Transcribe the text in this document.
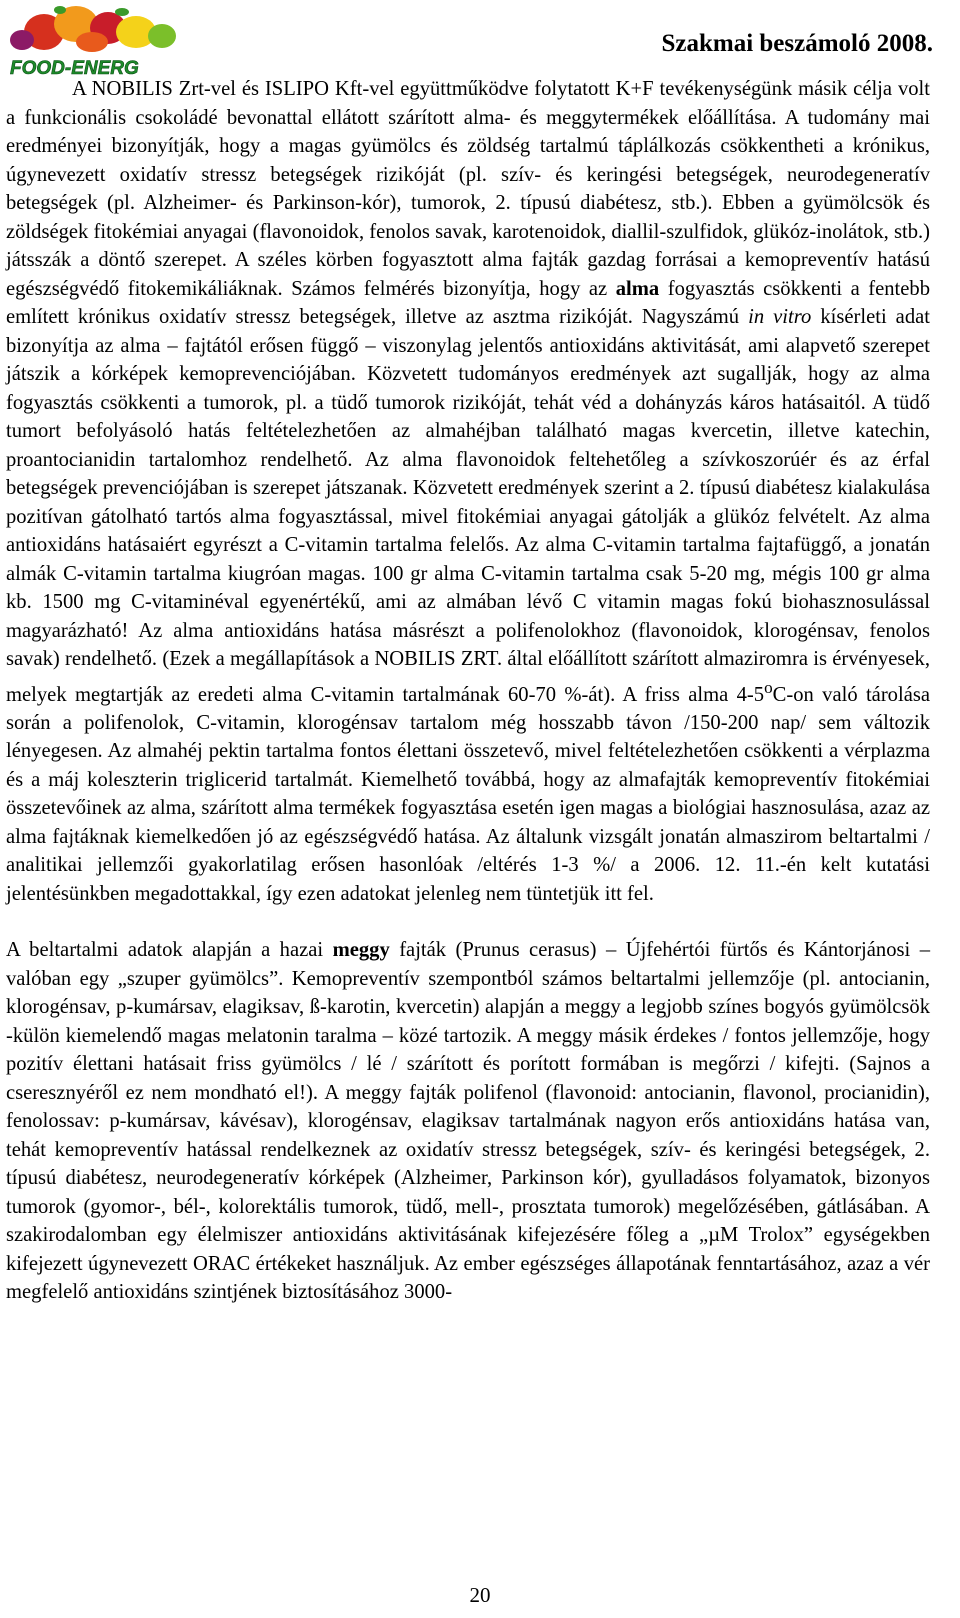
FOOD-ENERG
Szakmai beszámoló 2008.

A NOBILIS Zrt-vel és ISLIPO Kft-vel együttműködve folytatott K+F tevékenységünk másik célja volt a funkcionális csokoládé bevonattal ellátott szárított alma- és meggytermékek előállítása. A tudomány mai eredményei bizonyítják, hogy a magas gyümölcs és zöldség tartalmú táplálkozás csökkentheti a krónikus, úgynevezett oxidatív stressz betegségek rizikóját (pl. szív- és keringési betegségek, neurodegeneratív betegségek (pl. Alzheimer- és Parkinson-kór), tumorok, 2. típusú diabétesz, stb.). Ebben a gyümölcsök és zöldségek fitokémiai anyagai (flavonoidok, fenolos savak, karotenoidok, diallil-szulfidok, glükóz-inolátok, stb.) játsszák a döntő szerepet. A széles körben fogyasztott alma fajták gazdag forrásai a kemopreventív hatású egészségvédő fitokemikáliáknak. Számos felmérés bizonyítja, hogy az alma fogyasztás csökkenti a fentebb említett krónikus oxidatív stressz betegségek, illetve az asztma rizikóját. Nagyszámú in vitro kísérleti adat bizonyítja az alma – fajtától erősen függő – viszonylag jelentős antioxidáns aktivitását, ami alapvető szerepet játszik a kórképek kemoprevenciójában. Közvetett tudományos eredmények azt sugallják, hogy az alma fogyasztás csökkenti a tumorok, pl. a tüdő tumorok rizikóját, tehát véd a dohányzás káros hatásaitól. A tüdő tumort befolyásoló hatás feltételezhetően az almahéjban található magas kvercetin, illetve katechin, proantocianidin tartalomhoz rendelhető. Az alma flavonoidok feltehetőleg a szívkoszorúér és az érfal betegségek prevenciójában is szerepet játszanak. Közvetett eredmények szerint a 2. típusú diabétesz kialakulása pozitívan gátolható tartós alma fogyasztással, mivel fitokémiai anyagai gátolják a glükóz felvételt. Az alma antioxidáns hatásaiért egyrészt a C-vitamin tartalma felelős. Az alma C-vitamin tartalma fajtafüggő, a jonatán almák C-vitamin tartalma kiugróan magas. 100 gr alma C-vitamin tartalma csak 5-20 mg, mégis 100 gr alma kb. 1500 mg C-vitaminéval egyenértékű, ami az almában lévő C vitamin magas fokú biohasznosulással magyarázható! Az alma antioxidáns hatása másrészt a polifenolokhoz (flavonoidok, klorogénsav, fenolos savak) rendelhető. (Ezek a megállapítások a NOBILIS ZRT. által előállított szárított almaziromra is érvényesek, melyek megtartják az eredeti alma C-vitamin tartalmának 60-70 %-át). A friss alma 4-5$^o$C-on való tárolása során a polifenolok, C-vitamin, klorogénsav tartalom még hosszabb távon /150-200 nap/ sem változik lényegesen. Az almahéj pektin tartalma fontos élettani összetevő, mivel feltételezhetően csökkenti a vérplazma és a máj koleszterin triglicerid tartalmát. Kiemelhető továbbá, hogy az almafajták kemopreventív fitokémiai összetevőinek az alma, szárított alma termékek fogyasztása esetén igen magas a biológiai hasznosulása, azaz az alma fajtáknak kiemelkedően jó az egészségvédő hatása. Az általunk vizsgált jonatán almaszirom beltartalmi / analitikai jellemzői gyakorlatilag erősen hasonlóak /eltérés 1-3 %/ a 2006. 12. 11.-én kelt kutatási jelentésünkben megadottakkal, így ezen adatokat jelenleg nem tüntetjük itt fel.

A beltartalmi adatok alapján a hazai meggy fajták (Prunus cerasus) – Újfehértói fürtős és Kántorjánosi – valóban egy „szuper gyümölcs”. Kemopreventív szempontból számos beltartalmi jellemzője (pl. antocianin, klorogénsav, p-kumársav, elagiksav, ß-karotin, kvercetin) alapján a meggy a legjobb színes bogyós gyümölcsök -külön kiemelendő magas melatonin taralma – közé tartozik. A meggy másik érdekes / fontos jellemzője, hogy pozitív élettani hatásait friss gyümölcs / lé / szárított és porított formában is megőrzi / kifejti. (Sajnos a cseresznyéről ez nem mondható el!). A meggy fajták polifenol (flavonoid: antocianin, flavonol, procianidin), fenolossav: p-kumársav, kávésav), klorogénsav, elagiksav tartalmának nagyon erős antioxidáns hatása van, tehát kemopreventív hatással rendelkeznek az oxidatív stressz betegségek, szív- és keringési betegségek, 2. típusú diabétesz, neurodegeneratív kórképek (Alzheimer, Parkinson kór), gyulladásos folyamatok, bizonyos tumorok (gyomor-, bél-, kolorektális tumorok, tüdő, mell-, prosztata tumorok) megelőzésében, gátlásában. A szakirodalomban egy élelmiszer antioxidáns aktivitásának kifejezésére főleg a „µM Trolox” egységekben kifejezett úgynevezett ORAC értékeket használjuk. Az ember egészséges állapotának fenntartásához, azaz a vér megfelelő antioxidáns szintjének biztosításához 3000-

20
